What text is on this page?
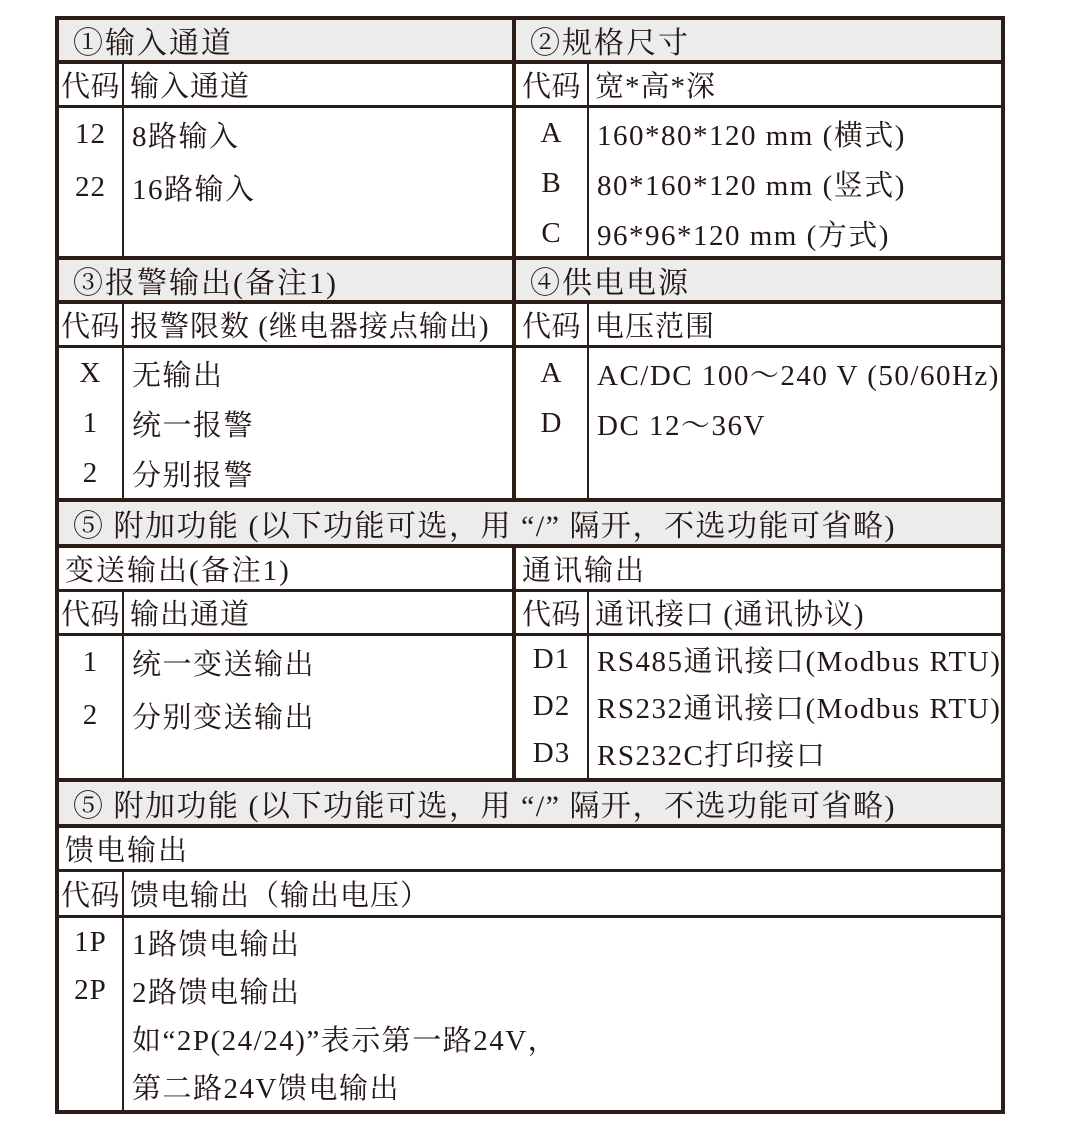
①输入通道
代码 输入通道
12
22
8路输入
16路输入
②规格尺寸
代码 宽*高*深
A
B
C
160*80*120 mm (横式)
80*160*120 mm (竖式)
96*96*120 mm (方式)
③报警输出(备注1)
代码 报警限数 (继电器接点输出)
X
1
2
无输出
统一报警
分别报警
④供电电源
代码 电压范围
A
D
AC/DC 100～240 V (50/60Hz)
DC 12～36V
⑤ 附加功能 (以下功能可选，用 “/” 隔开，不选功能可省略)
变送输出(备注1)
代码 输出通道
1
2
统一变送输出
分别变送输出
通讯输出
代码 通讯接口 (通讯协议)
D1
D2
D3
RS485通讯接口(Modbus RTU)
RS232通讯接口(Modbus RTU)
RS232C打印接口
⑤ 附加功能 (以下功能可选，用 “/” 隔开，不选功能可省略)
馈电输出
代码 馈电输出（输出电压）
1P
2P
1路馈电输出
2路馈电输出
如“2P(24/24)”表示第一路24V，
第二路24V馈电输出
